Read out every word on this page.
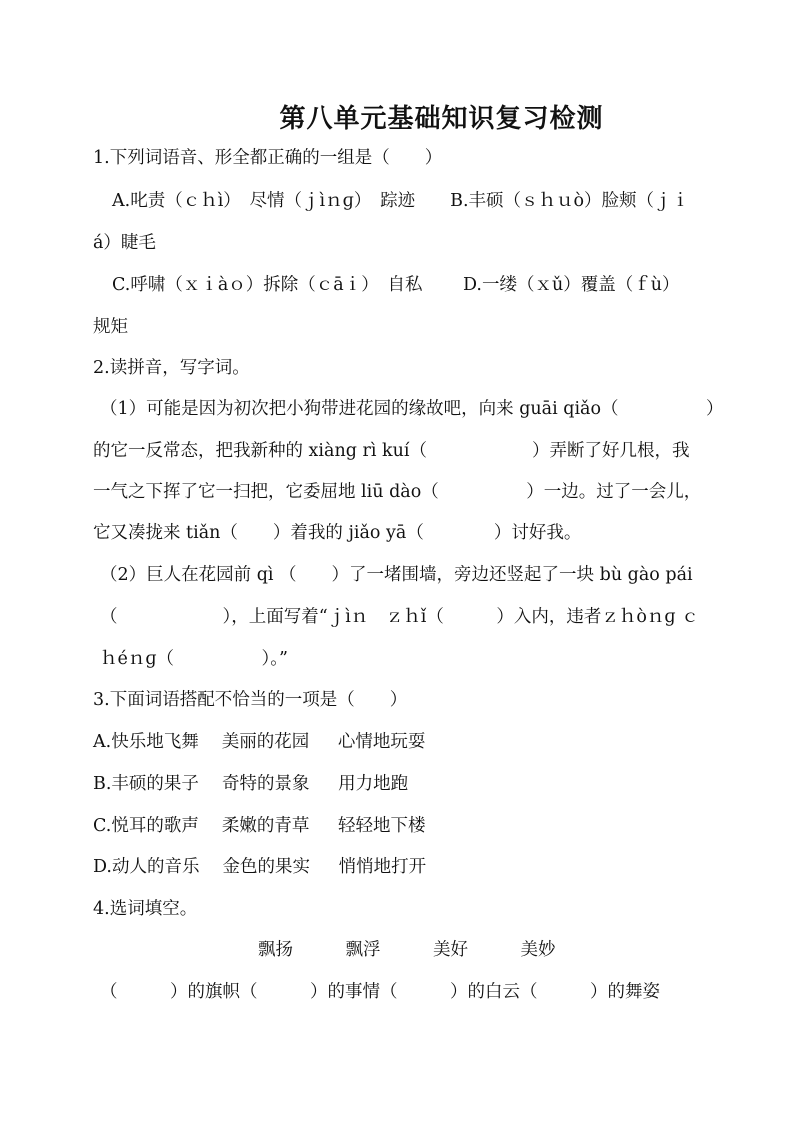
第八单元基础知识复习检测
1.下列词语音、形全都正确的一组是（　　）
A.叱责（ｃｈì）　尽情（ｊìｎɡ）　踪迹　　B.丰硕（ｓｈｕò）脸颊（ｊｉ
á）睫毛
C.呼啸（ｘｉàｏ）拆除（ｃāｉ）　自私　　 D.一缕（ｘǔ）覆盖（ｆù）
规矩
2.读拼音，写字词。
（1）可能是因为初次把小狗带进花园的缘故吧，向来 guāi qiǎo（　　　　　）
的它一反常态，把我新种的 xiàng rì kuí（　　　　　　）弄断了好几根，我
一气之下挥了它一扫把，它委屈地 liū dào（　　　　　）一边。过了一会儿，
它又凑拢来 tiǎn（　　）着我的 jiǎo yā（　　　　）讨好我。
（2）巨人在花园前 qì （　　）了一堵围墙，旁边还竖起了一块 bù gào pái
（　　　　　　），上面写着“ｊìｎ　ｚｈǐ（　　　）入内，违者ｚｈòｎɡ ｃ
ｈéｎɡ（　　　　　）。”
3.下面词语搭配不恰当的一项是（　　）
A.快乐地飞舞　 美丽的花园 　 心情地玩耍
B.丰硕的果子 　奇特的景象 　 用力地跑
C.悦耳的歌声 　柔嫩的青草 　 轻轻地下楼
D.动人的音乐 　金色的果实 　 悄悄地打开
4.选词填空。
飘扬　　　飘浮　　　美好　　　美妙
（　　　）的旗帜（　　　）的事情（　　　）的白云（　　　）的舞姿
